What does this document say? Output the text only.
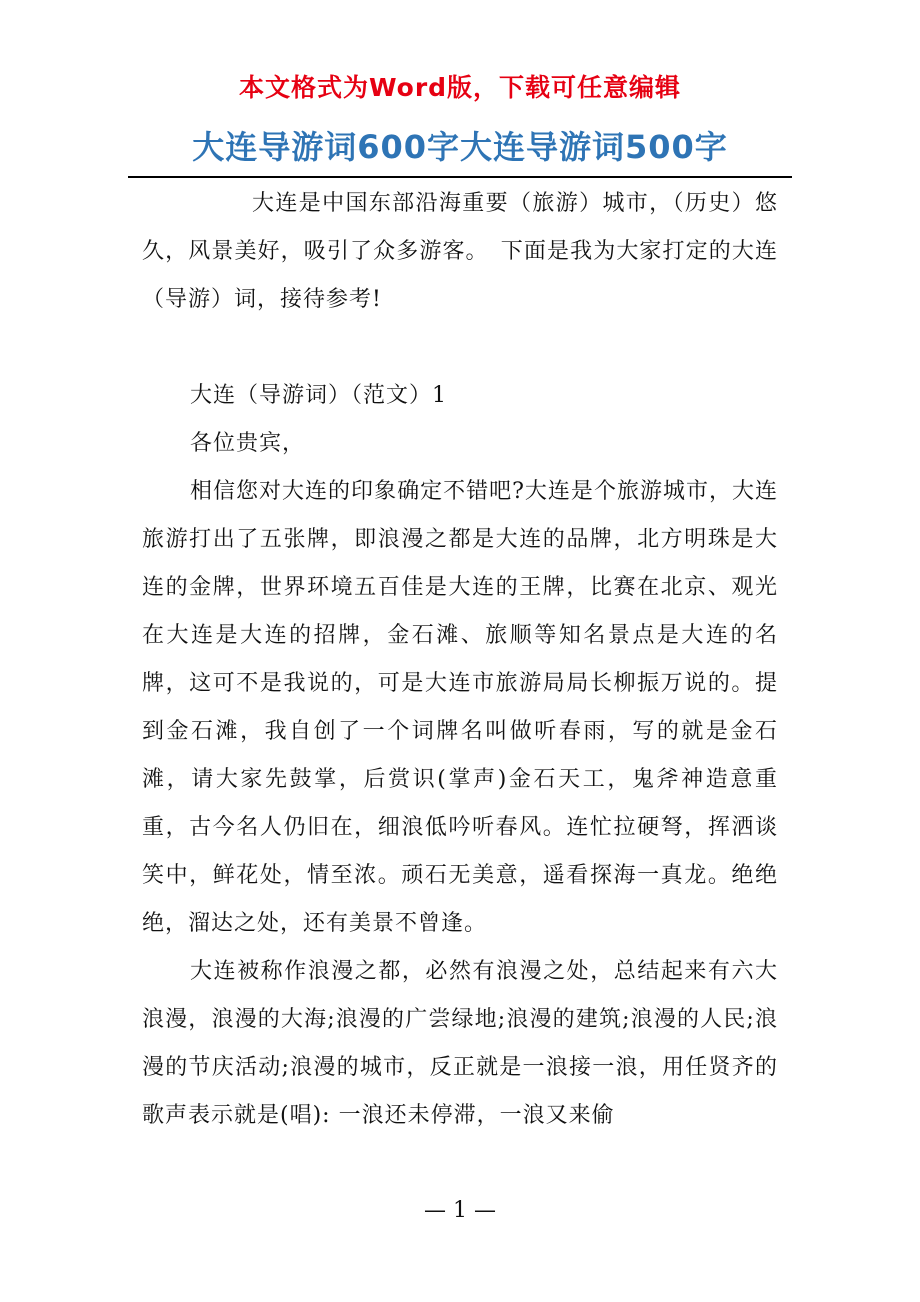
本文格式为Word版，下载可任意编辑
大连导游词600字大连导游词500字

大连是中国东部沿海重要（旅游）城市，（历史）悠久，风景美好，吸引了众多游客。　下面是我为大家打定的大连（导游）词，接待参考!

大连（导游词）（范文）1

各位贵宾，

相信您对大连的印象确定不错吧?大连是个旅游城市，大连旅游打出了五张牌，即浪漫之都是大连的品牌，北方明珠是大连的金牌，世界环境五百佳是大连的王牌，比赛在北京、观光在大连是大连的招牌，金石滩、旅顺等知名景点是大连的名牌，这可不是我说的，可是大连市旅游局局长柳振万说的。提到金石滩，我自创了一个词牌名叫做听春雨，写的就是金石滩，请大家先鼓掌，后赏识(掌声)金石天工，鬼斧神造意重重，古今名人仍旧在，细浪低吟听春风。连忙拉硬弩，挥洒谈笑中，鲜花处，情至浓。顽石无美意，遥看探海一真龙。绝绝绝，溜达之处，还有美景不曾逢。

大连被称作浪漫之都，必然有浪漫之处，总结起来有六大浪漫，浪漫的大海;浪漫的广尝绿地;浪漫的建筑;浪漫的人民;浪漫的节庆活动;浪漫的城市，反正就是一浪接一浪，用任贤齐的歌声表示就是(唱): 一浪还未停滞，一浪又来偷

— 1 —
